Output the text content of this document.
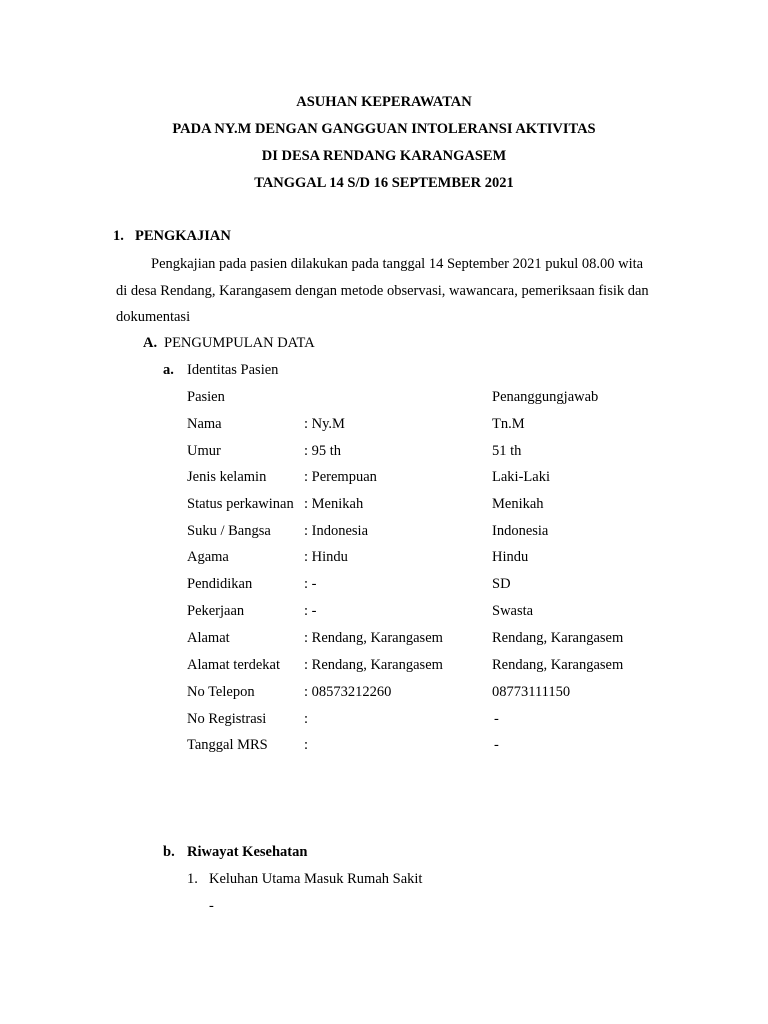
ASUHAN KEPERAWATAN
PADA NY.M DENGAN GANGGUAN INTOLERANSI AKTIVITAS
DI DESA RENDANG KARANGASEM
TANGGAL 14 S/D 16 SEPTEMBER 2021
1. PENGKAJIAN
Pengkajian pada pasien dilakukan pada tanggal 14 September 2021 pukul 08.00 wita
di desa Rendang, Karangasem dengan metode observasi, wawancara, pemeriksaan fisik dan
dokumentasi
A. PENGUMPULAN DATA
a. Identitas Pasien
Pasien	Penanggungjawab
Nama	: Ny.M	Tn.M
Umur	: 95 th	51 th
Jenis kelamin	: Perempuan	Laki-Laki
Status perkawinan : Menikah	Menikah
Suku / Bangsa : Indonesia	Indonesia
Agama	: Hindu	Hindu
Pendidikan	: -	SD
Pekerjaan	: -	Swasta
Alamat	: Rendang, Karangasem	Rendang, Karangasem
Alamat terdekat : Rendang, Karangasem	Rendang, Karangasem
No Telepon	: 08573212260	08773111150
No Registrasi	:	-
Tanggal MRS	:	-
b. Riwayat Kesehatan
1. Keluhan Utama Masuk Rumah Sakit
-
